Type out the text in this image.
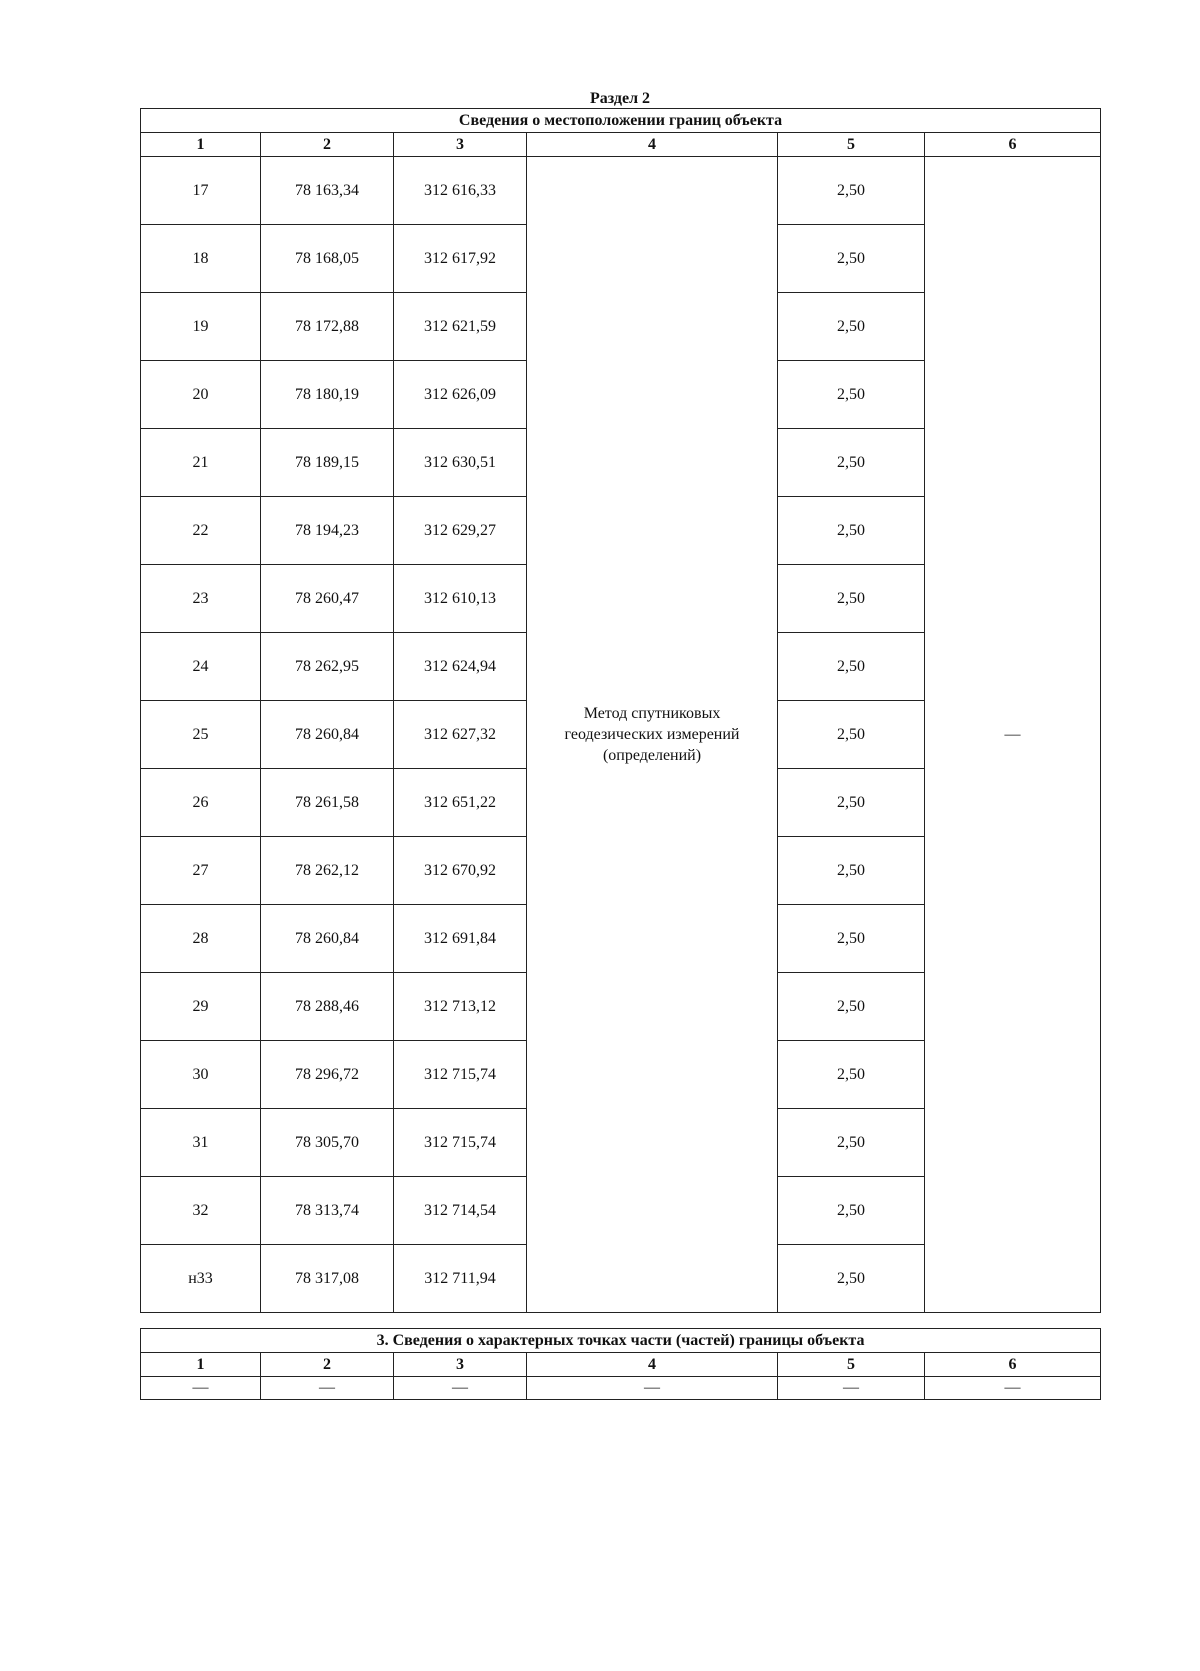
Раздел 2
Сведения о местоположении границ объекта					
1	2	3	4	5	6
17	78 163,34	312 616,33	Метод спутниковых геодезических измерений (определений)	2,50	—
18	78 168,05	312 617,92		2,50	
19	78 172,88	312 621,59		2,50	
20	78 180,19	312 626,09		2,50	
21	78 189,15	312 630,51		2,50	
22	78 194,23	312 629,27		2,50	
23	78 260,47	312 610,13		2,50	
24	78 262,95	312 624,94		2,50	
25	78 260,84	312 627,32		2,50	
26	78 261,58	312 651,22		2,50	
27	78 262,12	312 670,92		2,50	
28	78 260,84	312 691,84		2,50	
29	78 288,46	312 713,12		2,50	
30	78 296,72	312 715,74		2,50	
31	78 305,70	312 715,74		2,50	
32	78 313,74	312 714,54		2,50	
н33	78 317,08	312 711,94		2,50	
3. Сведения о характерных точках части (частей) границы объекта					
1	2	3	4	5	6
—	—	—	—	—	—
